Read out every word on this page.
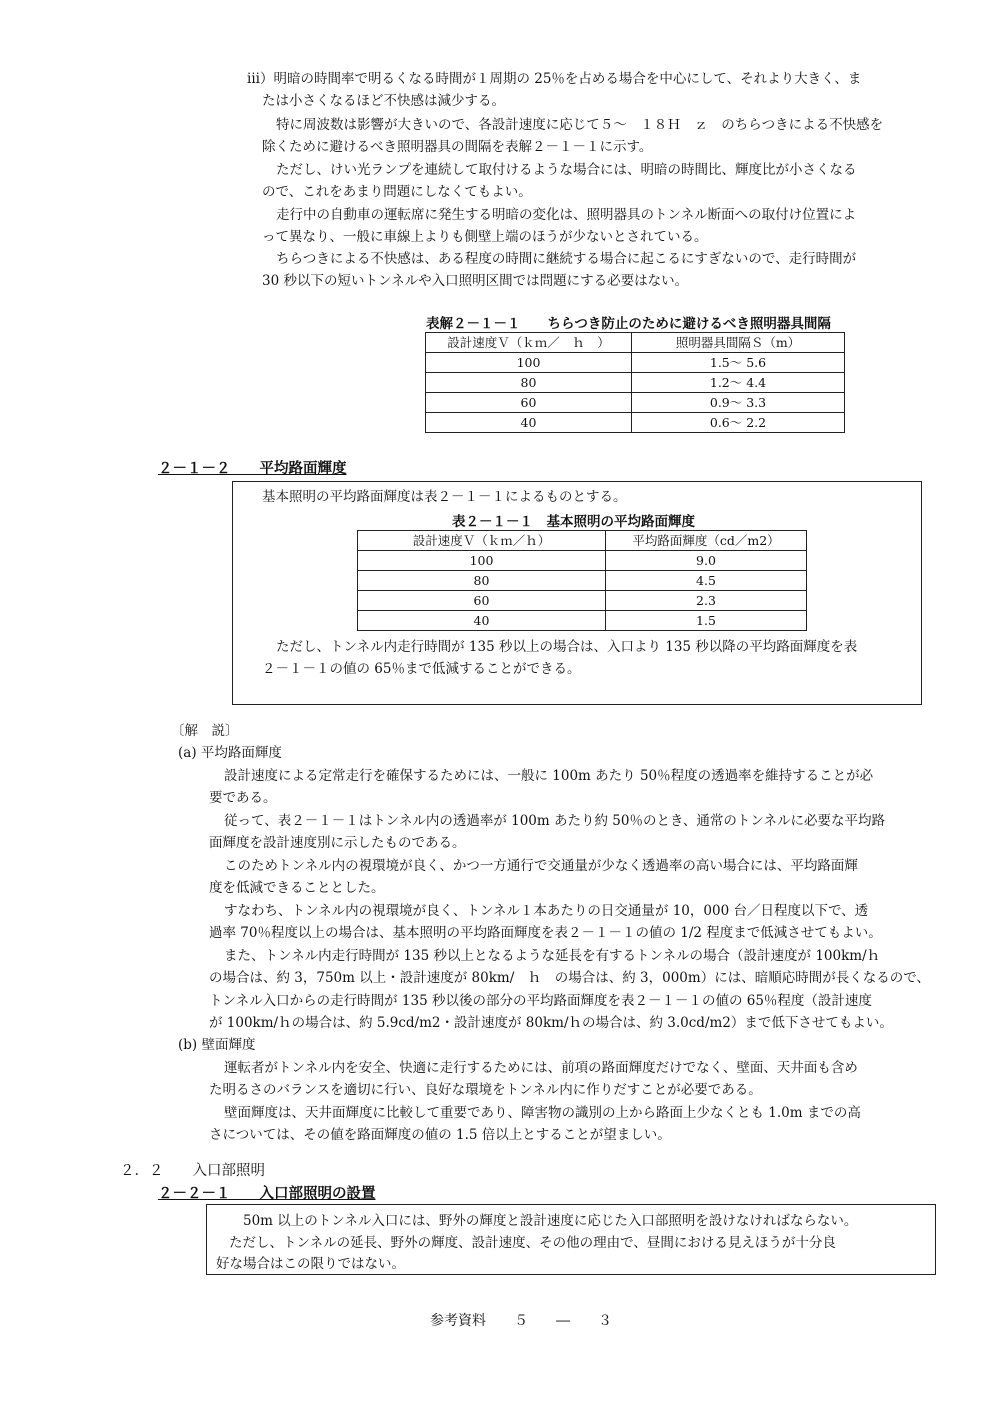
ⅲ）明暗の時間率で明るくなる時間が１周期の 25％を占める場合を中心にして、それより大きく、ま
たは小さくなるほど不快感は減少する。
特に周波数は影響が大きいので、各設計速度に応じて５～　１８Ｈ　ｚ　のちらつきによる不快感を
除くために避けるべき照明器具の間隔を表解２－１－１に示す。
ただし、けい光ランプを連続して取付けるような場合には、明暗の時間比、輝度比が小さくなる
ので、これをあまり問題にしなくてもよい。
走行中の自動車の運転席に発生する明暗の変化は、照明器具のトンネル断面への取付け位置によ
って異なり、一般に車線上よりも側壁上端のほうが少ないとされている。
ちらつきによる不快感は、ある程度の時間に継続する場合に起こるにすぎないので、走行時間が
30 秒以下の短いトンネルや入口照明区間では問題にする必要はない。
表解２－１－１　　ちらつき防止のために避けるべき照明器具間隔
設計速度Ｖ（ｋｍ／　ｈ　）	照明器具間隔Ｓ（m）
100	1.5～ 5.6
80	1.2～ 4.4
60	0.9～ 3.3
40	0.6～ 2.2
２－１－２　　平均路面輝度
基本照明の平均路面輝度は表２－１－１によるものとする。
表２－１－１　基本照明の平均路面輝度
設計速度Ｖ（ｋｍ／ｈ）	平均路面輝度（cd／m2）
100	9.0
80	4.5
60	2.3
40	1.5
ただし、トンネル内走行時間が 135 秒以上の場合は、入口より 135 秒以降の平均路面輝度を表
２－１－１の値の 65％まで低減することができる。
〔解　説〕
(a) 平均路面輝度
設計速度による定常走行を確保するためには、一般に 100m あたり 50％程度の透過率を維持することが必
要である。
従って、表２－１－１はトンネル内の透過率が 100m あたり約 50％のとき、通常のトンネルに必要な平均路
面輝度を設計速度別に示したものである。
このためトンネル内の視環境が良く、かつ一方通行で交通量が少なく透過率の高い場合には、平均路面輝
度を低減できることとした。
すなわち、トンネル内の視環境が良く、トンネル１本あたりの日交通量が 10，000 台／日程度以下で、透
過率 70％程度以上の場合は、基本照明の平均路面輝度を表２－１－１の値の 1/2 程度まで低減させてもよい。
また、トンネル内走行時間が 135 秒以上となるような延長を有するトンネルの場合（設計速度が 100km/ｈ
の場合は、約 3，750m 以上・設計速度が 80km/　ｈ　の場合は、約 3，000m）には、暗順応時間が長くなるので、
トンネル入口からの走行時間が 135 秒以後の部分の平均路面輝度を表２－１－１の値の 65％程度（設計速度
が 100km/ｈの場合は、約 5.9cd/m2・設計速度が 80km/ｈの場合は、約 3.0cd/m2）まで低下させてもよい。
(b) 壁面輝度
運転者がトンネル内を安全、快適に走行するためには、前項の路面輝度だけでなく、壁面、天井面も含め
た明るさのバランスを適切に行い、良好な環境をトンネル内に作りだすことが必要である。
壁面輝度は、天井面輝度に比較して重要であり、障害物の識別の上から路面上少なくとも 1.0m までの高
さについては、その値を路面輝度の値の 1.5 倍以上とすることが望ましい。
２．２　　入口部照明
２－２－１　　入口部照明の設置
50m 以上のトンネル入口には、野外の輝度と設計速度に応じた入口部照明を設けなければならない。
ただし、トンネルの延長、野外の輝度、設計速度、その他の理由で、昼間における見えほうが十分良
好な場合はこの限りではない。
参考資料　　５　　―　　３
